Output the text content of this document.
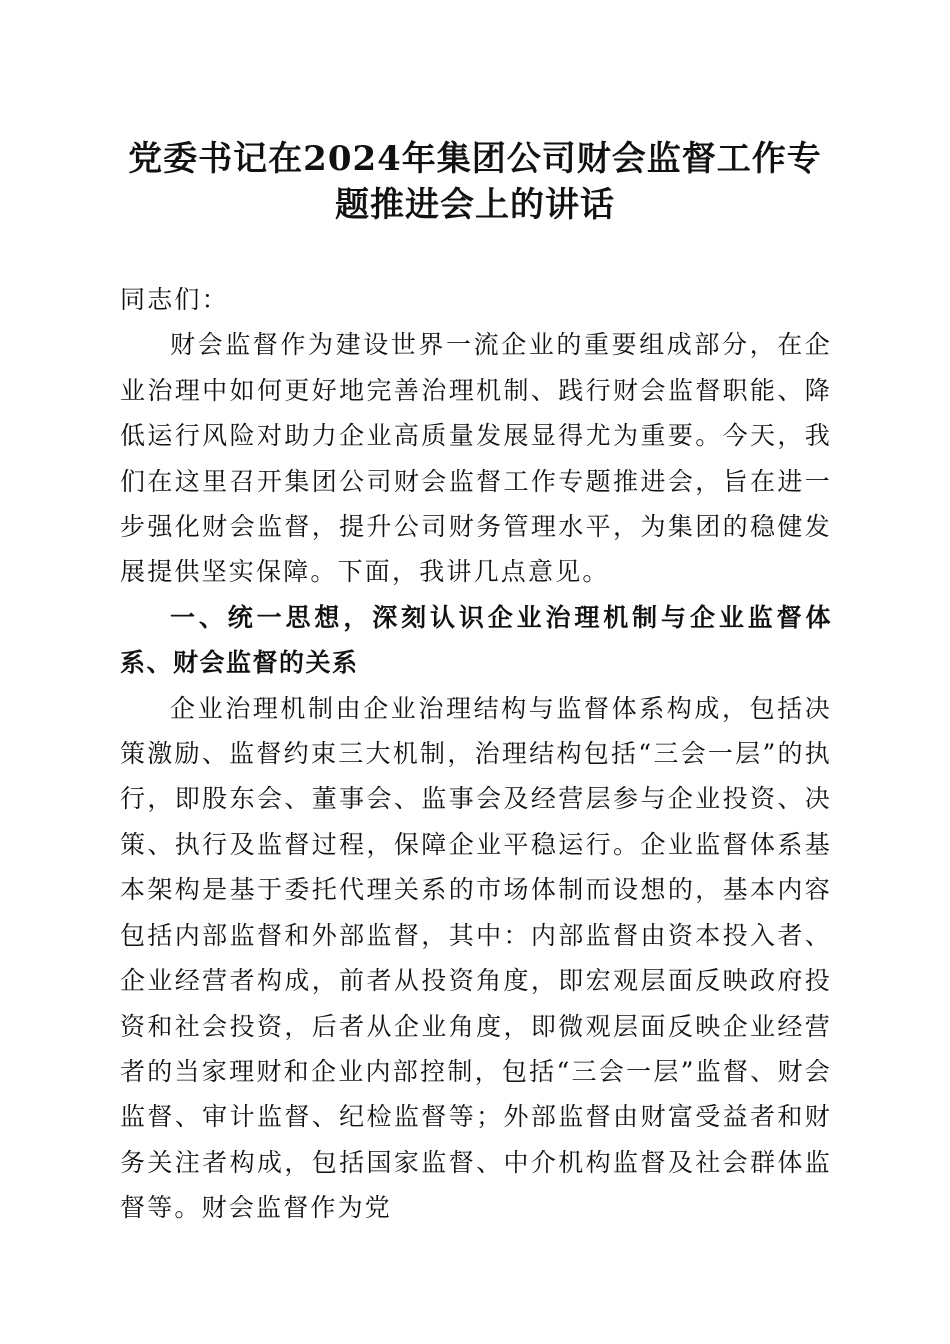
党委书记在2024年集团公司财会监督工作专
题推进会上的讲话

同志们：

财会监督作为建设世界一流企业的重要组成部分，在企业治理中如何更好地完善治理机制、践行财会监督职能、降低运行风险对助力企业高质量发展显得尤为重要。今天，我们在这里召开集团公司财会监督工作专题推进会，旨在进一步强化财会监督，提升公司财务管理水平，为集团的稳健发展提供坚实保障。下面，我讲几点意见。

一、统一思想，深刻认识企业治理机制与企业监督体系、财会监督的关系

企业治理机制由企业治理结构与监督体系构成，包括决策激励、监督约束三大机制，治理结构包括“三会一层”的执行，即股东会、董事会、监事会及经营层参与企业投资、决策、执行及监督过程，保障企业平稳运行。企业监督体系基本架构是基于委托代理关系的市场体制而设想的，基本内容包括内部监督和外部监督，其中：内部监督由资本投入者、企业经营者构成，前者从投资角度，即宏观层面反映政府投资和社会投资，后者从企业角度，即微观层面反映企业经营者的当家理财和企业内部控制，包括“三会一层”监督、财会监督、审计监督、纪检监督等；外部监督由财富受益者和财务关注者构成，包括国家监督、中介机构监督及社会群体监督等。财会监督作为党
